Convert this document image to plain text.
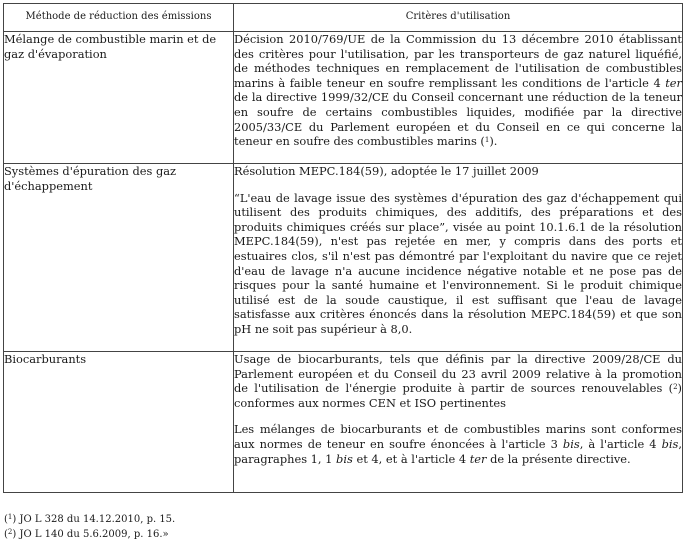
Méthode de réduction des émissions	Critères d'utilisation
Mélange de combustible marin et de gaz d'évaporation	Décision 2010/769/UE de la Commission du 13 décembre 2010 établissant des critères pour l'utilisation, par les transporteurs de gaz naturel liquéfié, de méthodes techniques en remplacement de l'utilisation de combustibles marins à faible teneur en soufre remplissant les conditions de l'article 4 ter de la directive 1999/32/CE du Conseil concernant une réduction de la teneur en soufre de certains combustibles liquides, modifiée par la directive 2005/33/CE du Parlement européen et du Conseil en ce qui concerne la teneur en soufre des combustibles marins ($^1$).

Systèmes d'épuration des gaz d'échappement	Résolution MEPC.184(59), adoptée le 17 juillet 2009

“L'eau de lavage issue des systèmes d'épuration des gaz d'échappement qui utilisent des produits chimiques, des additifs, des préparations et des produits chimiques créés sur place”, visée au point 10.1.6.1 de la résolution MEPC.184(59), n'est pas rejetée en mer, y compris dans des ports et estuaires clos, s'il n'est pas démontré par l'exploitant du navire que ce rejet d'eau de lavage n'a aucune incidence négative notable et ne pose pas de risques pour la santé humaine et l'environnement. Si le produit chimique utilisé est de la soude caustique, il est suffisant que l'eau de lavage satisfasse aux critères énoncés dans la résolution MEPC.184(59) et que son pH ne soit pas supérieur à 8,0.

Biocarburants	Usage de biocarburants, tels que définis par la directive 2009/28/CE du Parlement européen et du Conseil du 23 avril 2009 relative à la promotion de l'utilisation de l'énergie produite à partir de sources renouvelables ($^2$) conformes aux normes CEN et ISO pertinentes

Les mélanges de biocarburants et de combustibles marins sont conformes aux normes de teneur en soufre énoncées à l'article 3 bis, à l'article 4 bis, paragraphes 1, 1 bis et 4, et à l'article 4 ter de la présente directive.

($^1$) JO L 328 du 14.12.2010, p. 15.
($^2$) JO L 140 du 5.6.2009, p. 16.»
